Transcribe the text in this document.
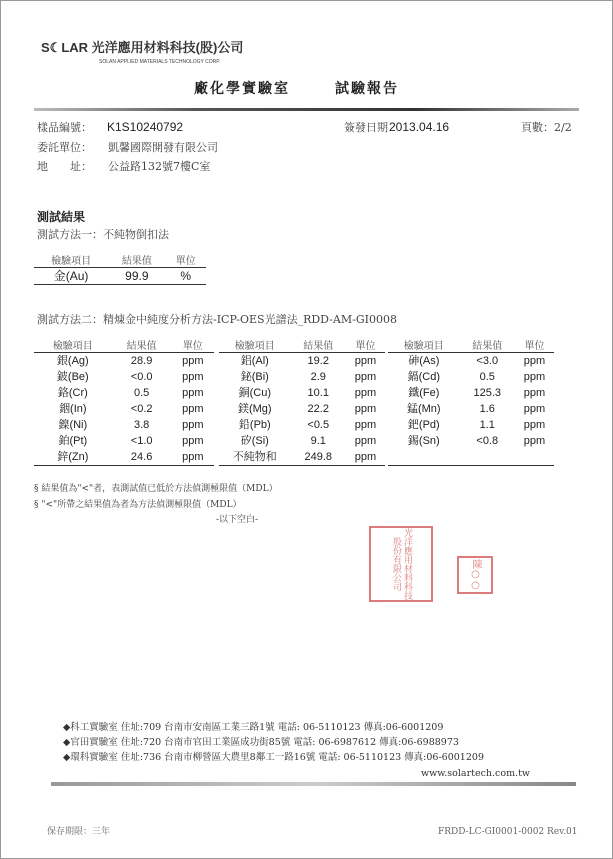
S☾LAR 光洋應用材料科技(股)公司
SOLAN APPLIED MATERIALS TECHNOLOGY CORP.
廠化學實驗室	試驗報告
樣品編號： K1S10240792	簽發日期 2013.04.16	頁數：2/2
委託單位： 凱馨國際開發有限公司
地　　址： 公益路132號7樓C室
測試結果
測試方法一：不純物倒扣法
檢驗項目	結果值	單位
金(Au)	99.9	%
測試方法二：精煉金中純度分析方法-ICP-OES光譜法_RDD-AM-GI0008
檢驗項目	結果值	單位
銀(Ag)	28.9	ppm
鈹(Be)	<0.0	ppm
鉻(Cr)	0.5	ppm
銦(In)	<0.2	ppm
鎳(Ni)	3.8	ppm
鉑(Pt)	<1.0	ppm
鋅(Zn)	24.6	ppm
檢驗項目	結果值	單位
鋁(Al)	19.2	ppm
鉍(Bi)	2.9	ppm
銅(Cu)	10.1	ppm
鎂(Mg)	22.2	ppm
鉛(Pb)	<0.5	ppm
矽(Si)	9.1	ppm
不純物和	249.8	ppm
檢驗項目	結果值	單位
砷(As)	<3.0	ppm
鎘(Cd)	0.5	ppm
鐵(Fe)	125.3	ppm
錳(Mn)	1.6	ppm
鈀(Pd)	1.1	ppm
錫(Sn)	<0.8	ppm

§ 結果值為"<"者，表測試值已低於方法偵測極限值（MDL）
§ "<"所帶之結果值為者為方法偵測極限值（MDL）
-以下空白-
光洋應用材料科技股份有限公司	陳○○
◆科工實驗室 住址:709 台南市安南區工業三路1號 電話: 06-5110123 傳真:06-6001209
◆官田實驗室 住址:720 台南市官田工業區成功街85號 電話: 06-6987612 傳真:06-6988973
◆環科實驗室 住址:736 台南市柳營區大農里8鄰工一路16號 電話: 06-5110123 傳真:06-6001209
www.solartech.com.tw
保存期限：三年	FRDD-LC-GI0001-0002 Rev.01
